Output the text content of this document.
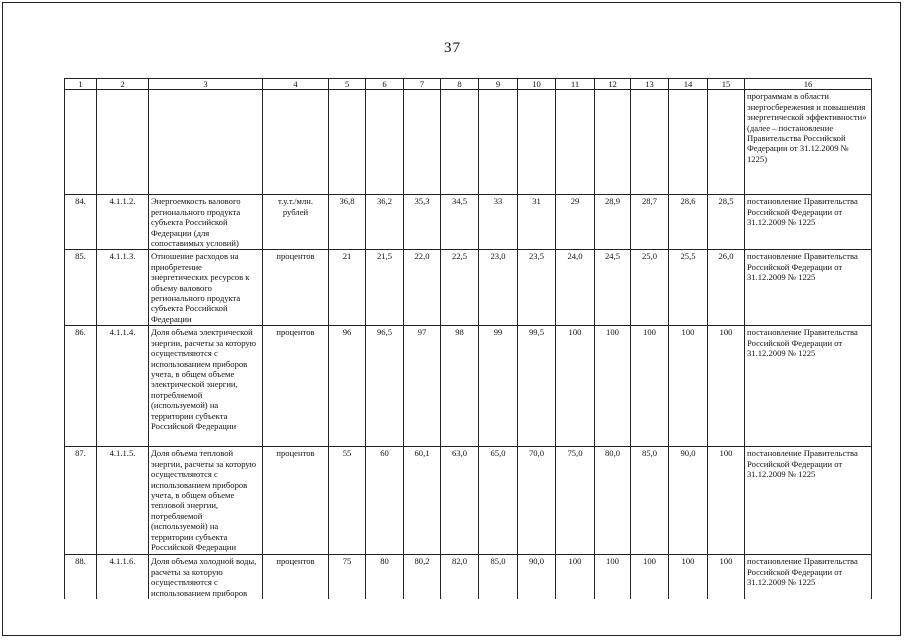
37
1	2	3	4	5	6	7	8	9	10	11	12	13	14	15	16
															программам в области энергосбережения и повышения энергетической эффективности» (далее – постановление Правительства Российской Федерации от 31.12.2009 № 1225)
84.	4.1.1.2.	Энергоемкость валового регионального продукта субъекта Российской Федерации (для сопоставимых условий)	т.у.т./млн. рублей	36,8	36,2	35,3	34,5	33	31	29	28,9	28,7	28,6	28,5	постановление Правительства Российской Федерации от 31.12.2009 № 1225
85.	4.1.1.3.	Отношение расходов на приобретение энергетических ресурсов к объему валового регионального продукта субъекта Российской Федерации	процентов	21	21,5	22,0	22,5	23,0	23,5	24,0	24,5	25,0	25,5	26,0	постановление Правительства Российской Федерации от 31.12.2009 № 1225
86.	4.1.1.4.	Доля объема электрической энергии, расчеты за которую осуществляются с использованием приборов учета, в общем объеме электрической энергии, потребляемой (используемой) на территории субъекта Российской Федерации	процентов	96	96,5	97	98	99	99,5	100	100	100	100	100	постановление Правительства Российской Федерации от 31.12.2009 № 1225
87.	4.1.1.5.	Доля объема тепловой энергии, расчеты за которую осуществляются с использованием приборов учета, в общем объеме тепловой энергии, потребляемой (используемой) на территории субъекта Российской Федерации	процентов	55	60	60,1	63,0	65,0	70,0	75,0	80,0	85,0	90,0	100	постановление Правительства Российской Федерации от 31.12.2009 № 1225
88.	4.1.1.6.	Доля объема холодной воды, расчеты за которую осуществляются с использованием приборов	процентов	75	80	80,2	82,0	85,0	90,0	100	100	100	100	100	постановление Правительства Российской Федерации от 31.12.2009 № 1225
